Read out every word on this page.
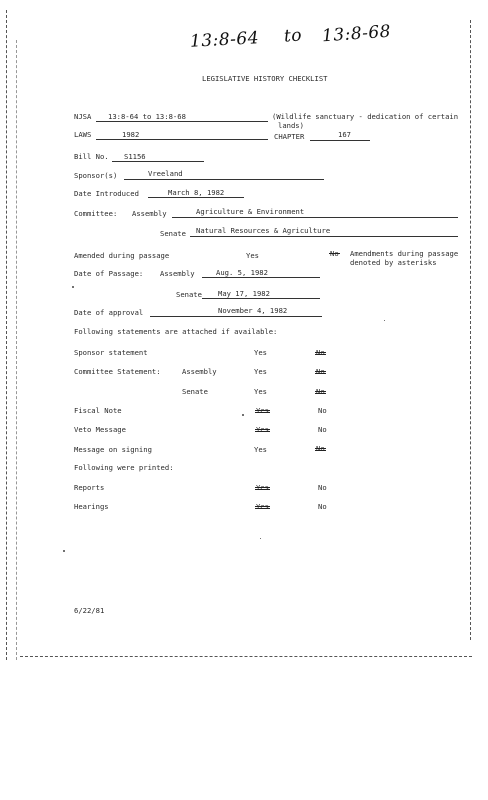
13:8-64 to 13:8-68
LEGISLATIVE HISTORY CHECKLIST
NJSA 13:8-64 to 13:8-68	(Wildlife sanctuary - dedication of certain
lands)
LAWS	1982	CHAPTER	167
Bill No. S1156
Sponsor(s)	Vreeland
Date Introduced	March 8, 1982
Committee: Assembly	Agriculture & Environment
Senate Natural Resources & Agriculture
Amended during passage	Yes	No Amendments during passage
denoted by asterisks
Date of Passage: Assembly	Aug. 5, 1982
Senate May 17, 1982
Date of approval	November 4, 1982
Following statements are attached if available:
Sponsor statement	Yes	No
Committee Statement:	Assembly	Yes	No
Senate	Yes	No
Fiscal Note	Yes	No
Veto Message	Yes	No
Message on signing	Yes	No
Following were printed:
Reports	Yes	No
Hearings	Yes	No
6/22/81
